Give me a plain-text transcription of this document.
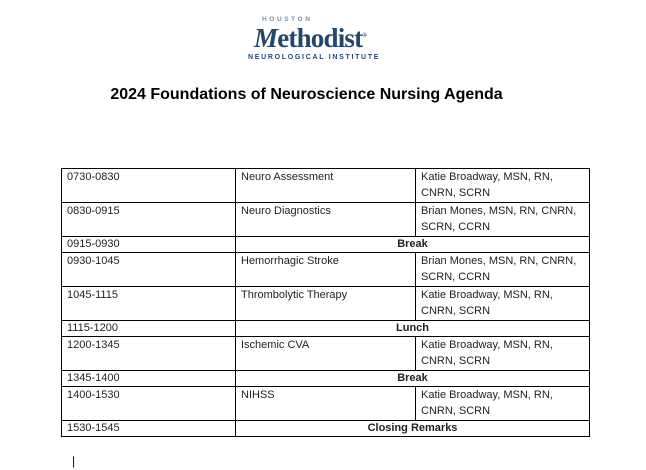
HOUSTON
Methodist®
NEUROLOGICAL INSTITUTE
2024 Foundations of Neuroscience Nursing Agenda
0730-0830	Neuro Assessment	Katie Broadway, MSN, RN, CNRN, SCRN
0830-0915	Neuro Diagnostics	Brian Mones, MSN, RN, CNRN, SCRN, CCRN
0915-0930	Break	
0930-1045	Hemorrhagic Stroke	Brian Mones, MSN, RN, CNRN, SCRN, CCRN
1045-1115	Thrombolytic Therapy	Katie Broadway, MSN, RN, CNRN, SCRN
1115-1200	Lunch	
1200-1345	Ischemic CVA	Katie Broadway, MSN, RN, CNRN, SCRN
1345-1400	Break	
1400-1530	NIHSS	Katie Broadway, MSN, RN, CNRN, SCRN
1530-1545	Closing Remarks	
|
